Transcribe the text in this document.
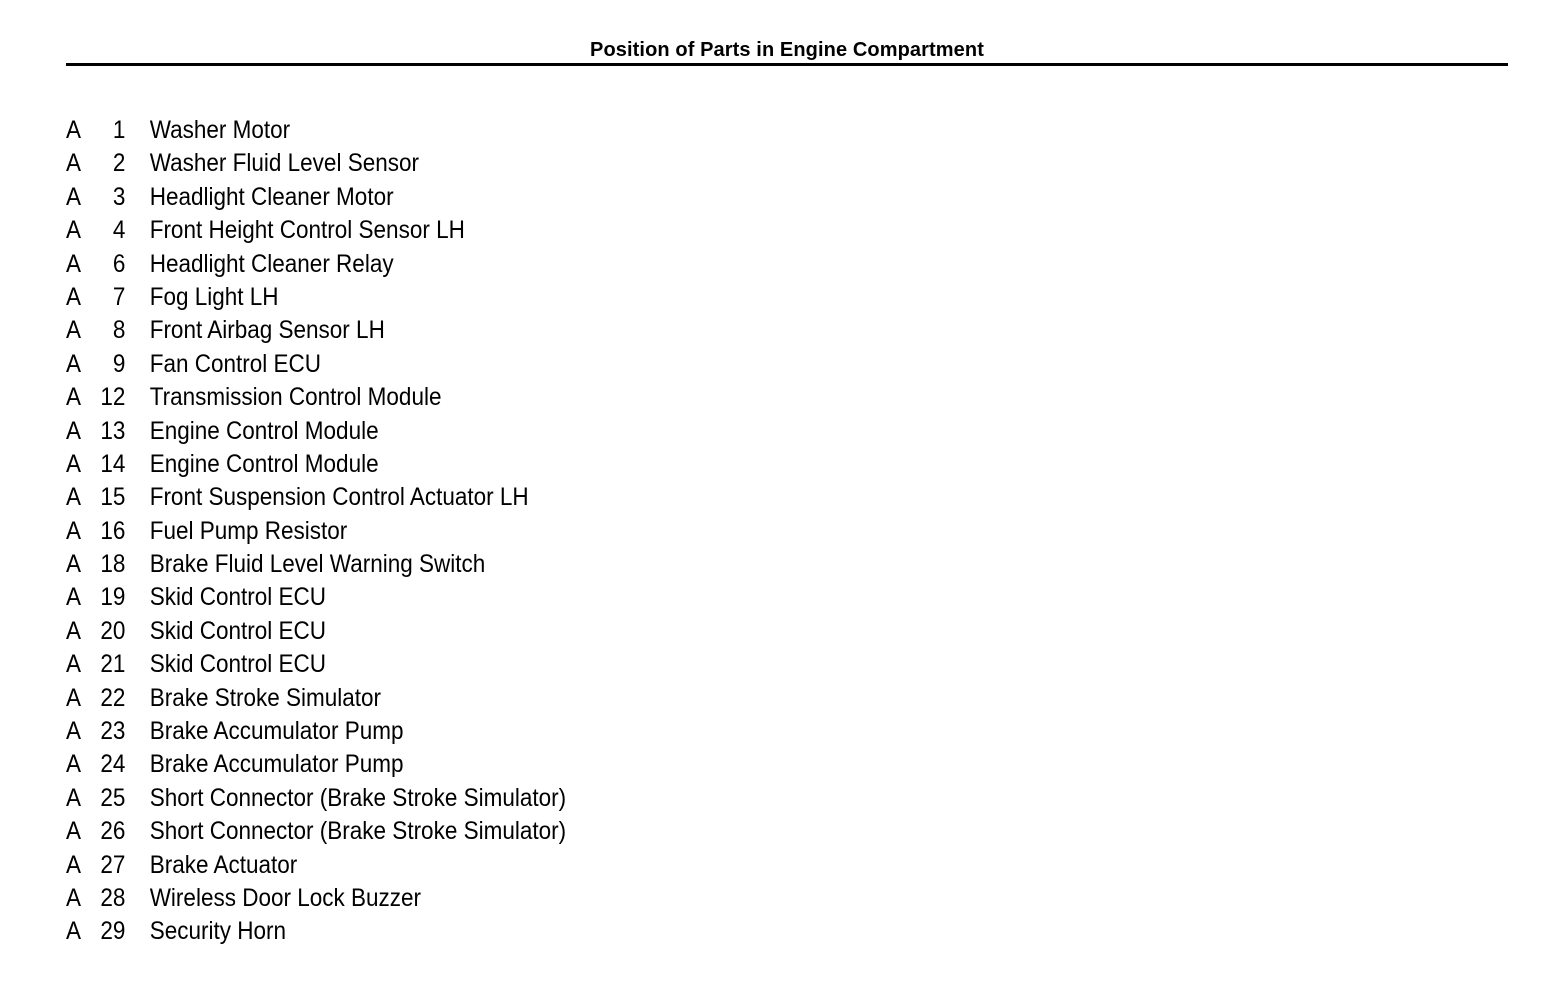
Position of Parts in Engine Compartment
A	1 Washer Motor
A	2 Washer Fluid Level Sensor
A	3 Headlight Cleaner Motor
A	4 Front Height Control Sensor LH
A	6 Headlight Cleaner Relay
A	7 Fog Light LH
A	8 Front Airbag Sensor LH
A	9 Fan Control ECU
A 12 Transmission Control Module
A 13 Engine Control Module
A 14 Engine Control Module
A 15 Front Suspension Control Actuator LH
A 16 Fuel Pump Resistor
A 18 Brake Fluid Level Warning Switch
A 19 Skid Control ECU
A 20 Skid Control ECU
A 21 Skid Control ECU
A 22 Brake Stroke Simulator
A 23 Brake Accumulator Pump
A 24 Brake Accumulator Pump
A 25 Short Connector (Brake Stroke Simulator)
A 26 Short Connector (Brake Stroke Simulator)
A 27 Brake Actuator
A 28 Wireless Door Lock Buzzer
A 29 Security Horn
